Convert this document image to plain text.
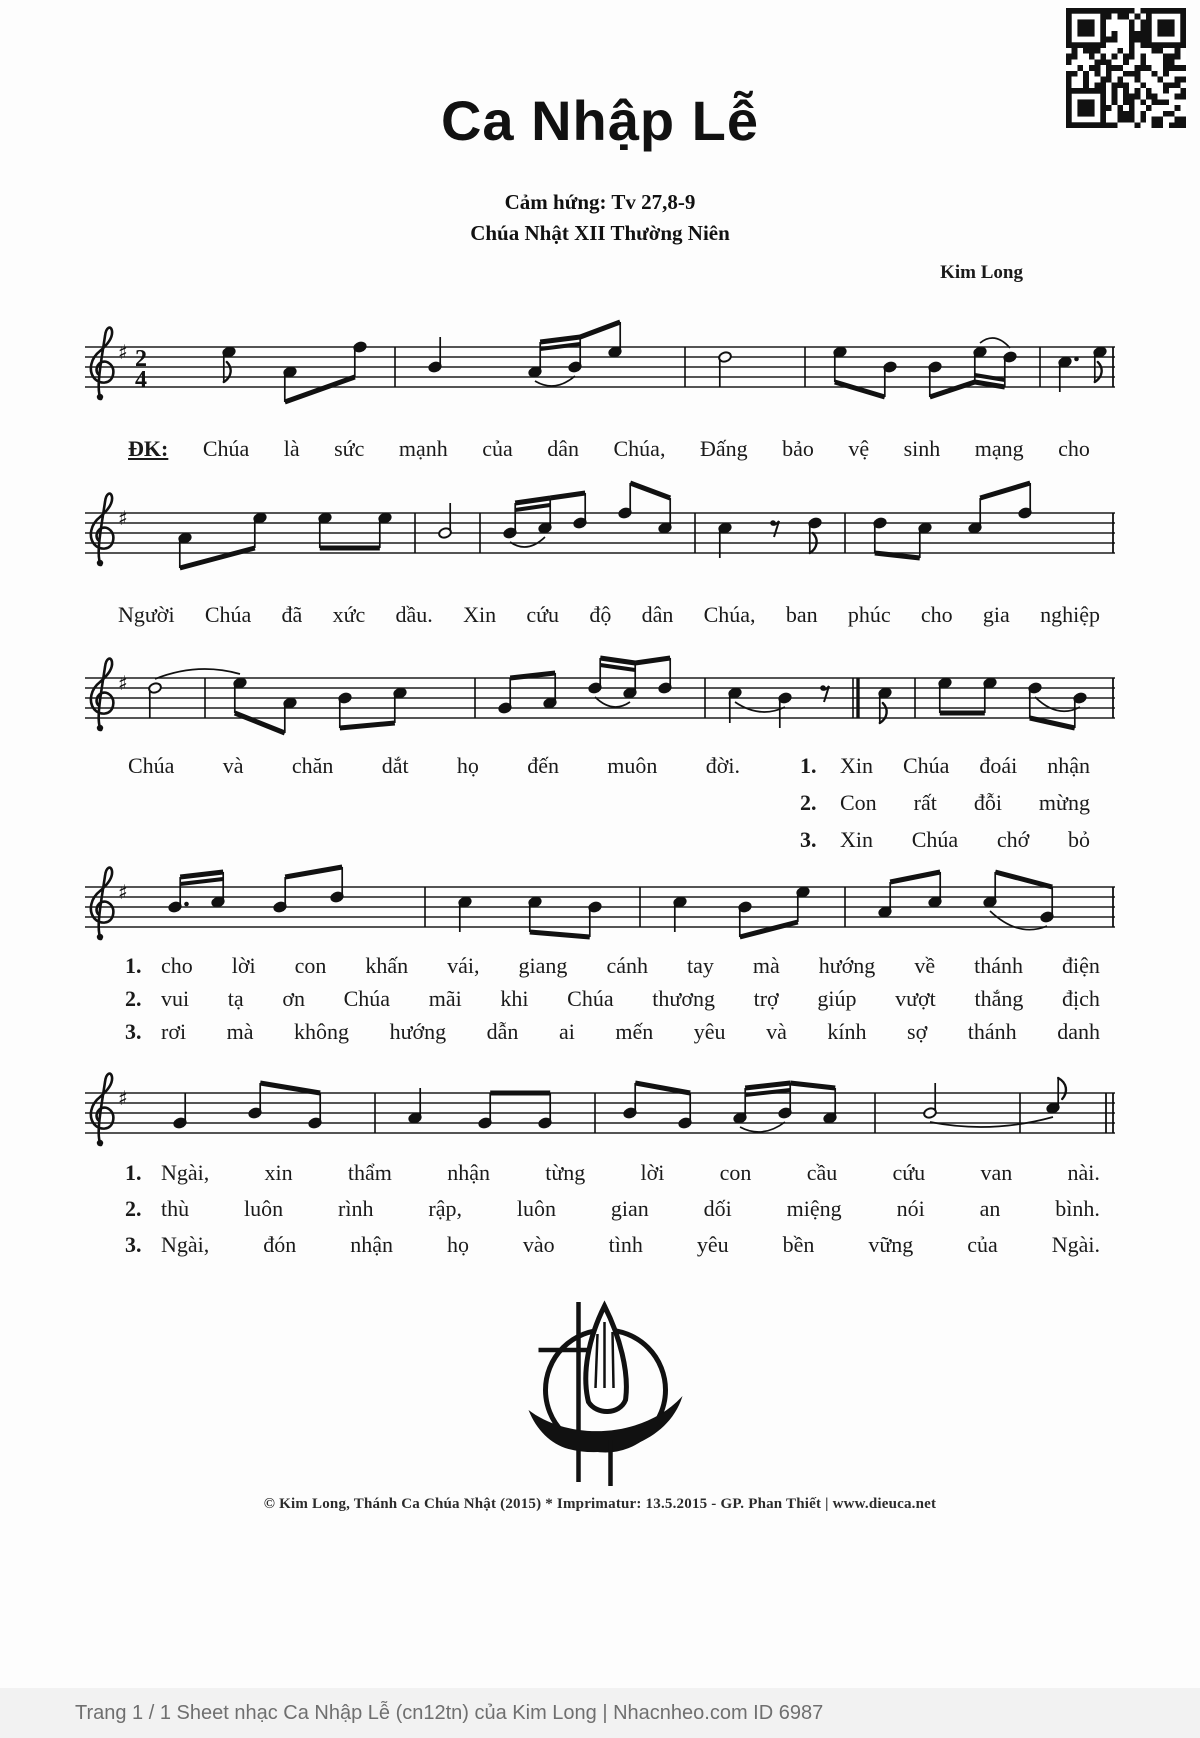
Ca Nhập Lễ
Cảm hứng: Tv 27,8-9
Chúa Nhật XII Thường Niên
Kim Long
♯ 2
4
ĐK: Chúa là sức mạnh của dân Chúa, Đấng bảo vệ sinh mạng cho
♯
Người Chúa đã xức dầu. Xin cứu độ dân Chúa, ban phúc cho gia nghiệp
♯
Chúa và chăn dắt họ đến muôn đời.	1.	Xin Chúa đoái nhận
2.	Con rất đỗi mừng
3.	Xin Chúa chớ bỏ
♯
1. cho lời con khấn vái, giang cánh tay mà hướng về thánh điện
2. vui tạ ơn Chúa mãi khi Chúa thương trợ giúp vượt thắng địch
3. rơi mà không hướng dẫn ai mến yêu và kính sợ thánh danh
♯
1. Ngài,	xin	thẩm	nhận	từng	lời	con	cầu	cứu	van	nài.
2. thù luôn rình rập, luôn gian dối miệng nói an bình.
3. Ngài, đón nhận họ vào tình yêu bền vững của Ngài.
© Kim Long, Thánh Ca Chúa Nhật (2015) * Imprimatur: 13.5.2015 - GP. Phan Thiết | www.dieuca.net
Trang 1 / 1 Sheet nhạc Ca Nhập Lễ (cn12tn) của Kim Long | Nhacnheo.com ID 6987
